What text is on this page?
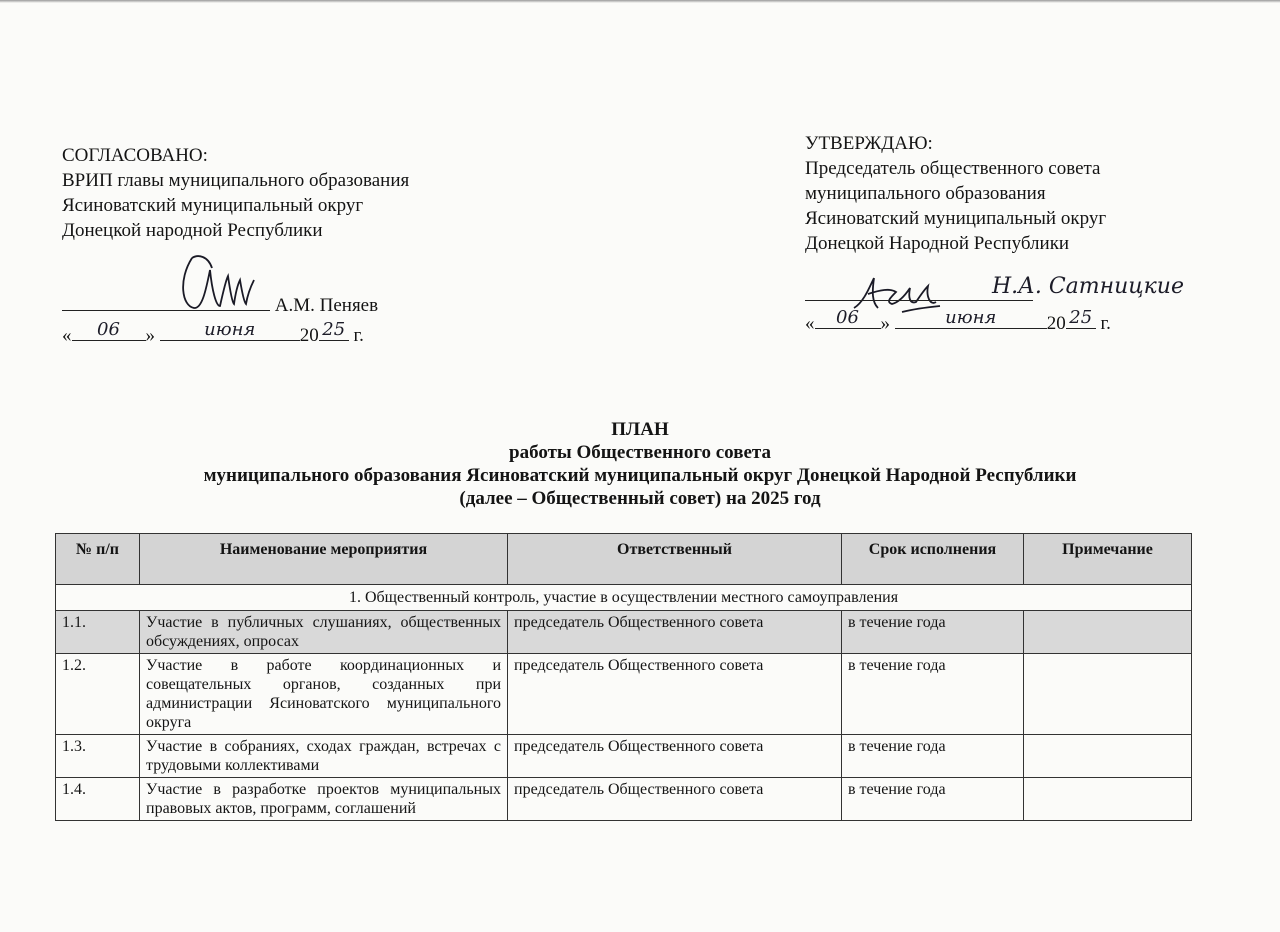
СОГЛАСОВАНО:
ВРИП главы муниципального образования
Ясиноватский муниципальный округ
Донецкой народной Республики
А.М. Пеняев
«	06	»	июня	20 25 г.
УТВЕРЖДАЮ:
Председатель общественного совета
муниципального образования
Ясиноватский муниципальный округ
Донецкой Народной Республики
Н.А. Сатницкие
«	06	»	июня	20 25 г.
ПЛАН
работы Общественного совета
муниципального образования Ясиноватский муниципальный округ Донецкой Народной Республики
(далее – Общественный совет) на 2025 год
№ п/п	Наименование мероприятия	Ответственный	Срок исполнения	Примечание
1. Общественный контроль, участие в осуществлении местного самоуправления				
1.1.	Участие в публичных слушаниях, общественных обсуждениях, опросах	председатель Общественного совета	в течение года	
1.2.	Участие в работе координационных и совещательных органов, созданных при администрации Ясиноватского муниципального округа	председатель Общественного совета	в течение года	
1.3.	Участие в собраниях, сходах граждан, встречах с трудовыми коллективами	председатель Общественного совета	в течение года	
1.4.	Участие в разработке проектов муниципальных правовых актов, программ, соглашений	председатель Общественного совета	в течение года	
